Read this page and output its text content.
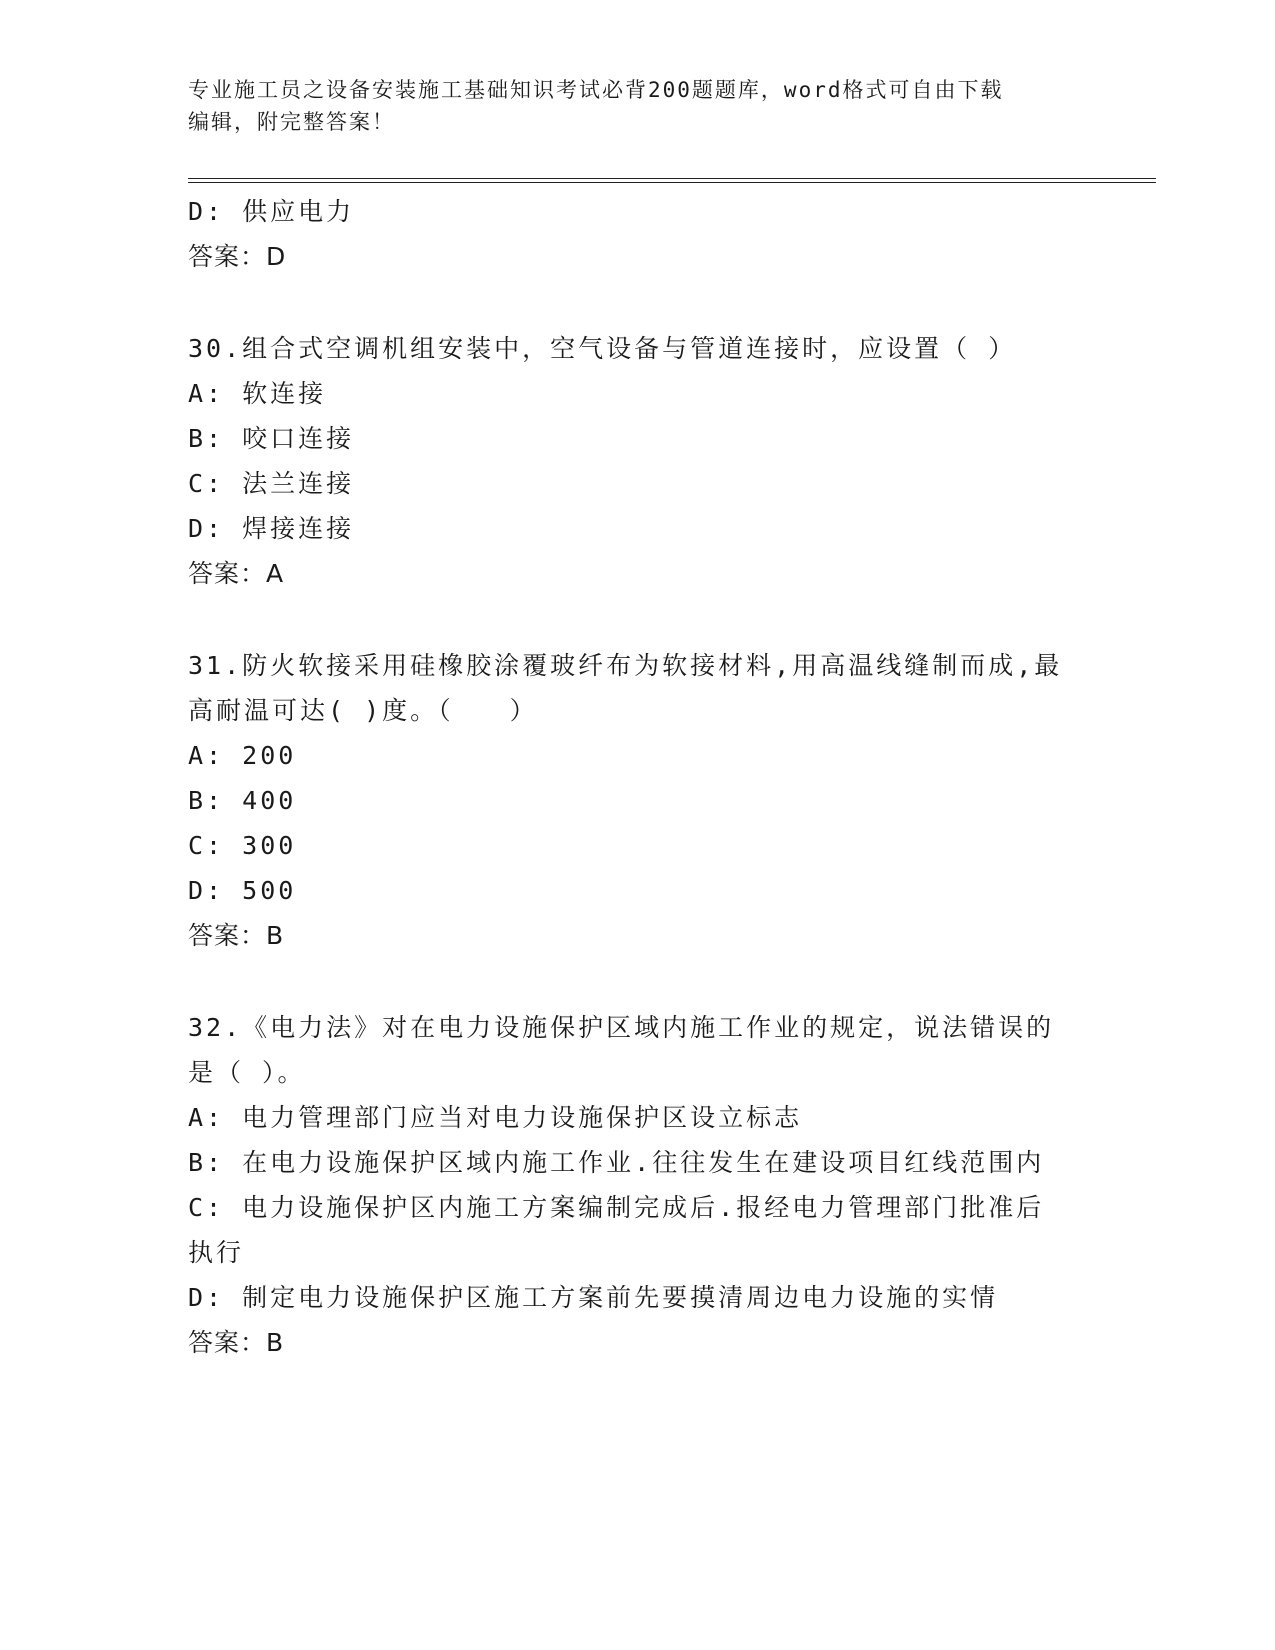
专业施工员之设备安装施工基础知识考试必背200题题库，word格式可自由下载
编辑，附完整答案！
D: 供应电力
答案：D
30.组合式空调机组安装中，空气设备与管道连接时，应设置（ ）
A: 软连接
B: 咬口连接
C: 法兰连接
D: 焊接连接
答案：A
31.防火软接采用硅橡胶涂覆玻纤布为软接材料,用高温线缝制而成,最
高耐温可达( )度。（　　）
A: 200
B: 400
C: 300
D: 500
答案：B
32.《电力法》对在电力设施保护区域内施工作业的规定，说法错误的
是（ ）。
A: 电力管理部门应当对电力设施保护区设立标志
B: 在电力设施保护区域内施工作业.往往发生在建设项目红线范围内
C: 电力设施保护区内施工方案编制完成后.报经电力管理部门批准后
执行
D: 制定电力设施保护区施工方案前先要摸清周边电力设施的实情
答案：B
